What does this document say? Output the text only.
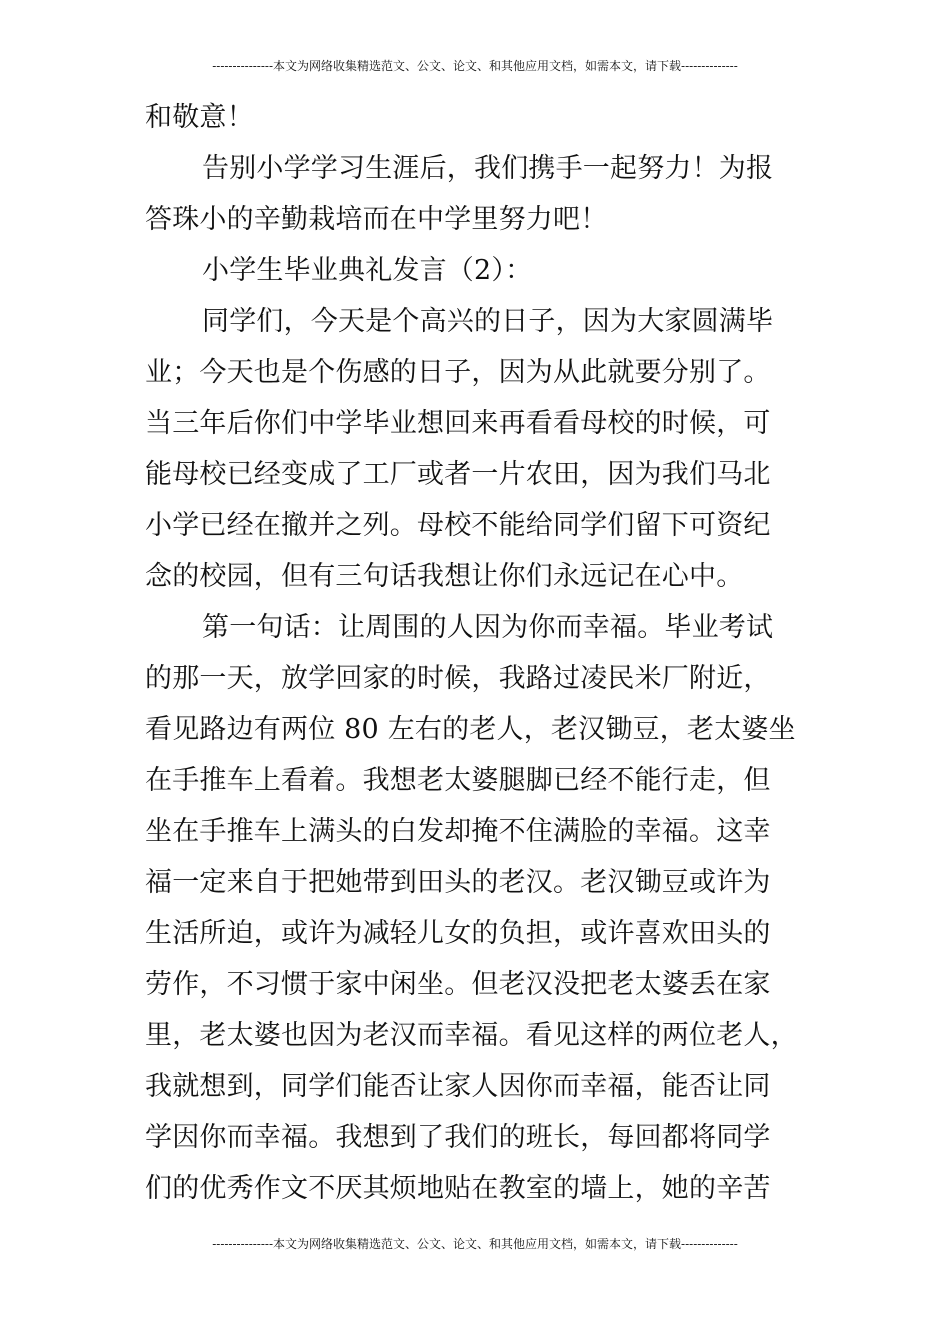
---------------本文为网络收集精选范文、公文、论文、和其他应用文档，如需本文，请下载--------------
和敬意！
告别小学学习生涯后，我们携手一起努力！为报
答珠小的辛勤栽培而在中学里努力吧！
小学生毕业典礼发言（2）：
同学们，今天是个高兴的日子，因为大家圆满毕
业；今天也是个伤感的日子，因为从此就要分别了。
当三年后你们中学毕业想回来再看看母校的时候，可
能母校已经变成了工厂或者一片农田，因为我们马北
小学已经在撤并之列。母校不能给同学们留下可资纪
念的校园，但有三句话我想让你们永远记在心中。
第一句话：让周围的人因为你而幸福。毕业考试
的那一天，放学回家的时候，我路过凌民米厂附近，
看见路边有两位 80 左右的老人，老汉锄豆，老太婆坐
在手推车上看着。我想老太婆腿脚已经不能行走，但
坐在手推车上满头的白发却掩不住满脸的幸福。这幸
福一定来自于把她带到田头的老汉。老汉锄豆或许为
生活所迫，或许为减轻儿女的负担，或许喜欢田头的
劳作，不习惯于家中闲坐。但老汉没把老太婆丢在家
里，老太婆也因为老汉而幸福。看见这样的两位老人，
我就想到，同学们能否让家人因你而幸福，能否让同
学因你而幸福。我想到了我们的班长，每回都将同学
们的优秀作文不厌其烦地贴在教室的墙上，她的辛苦
---------------本文为网络收集精选范文、公文、论文、和其他应用文档，如需本文，请下载--------------
